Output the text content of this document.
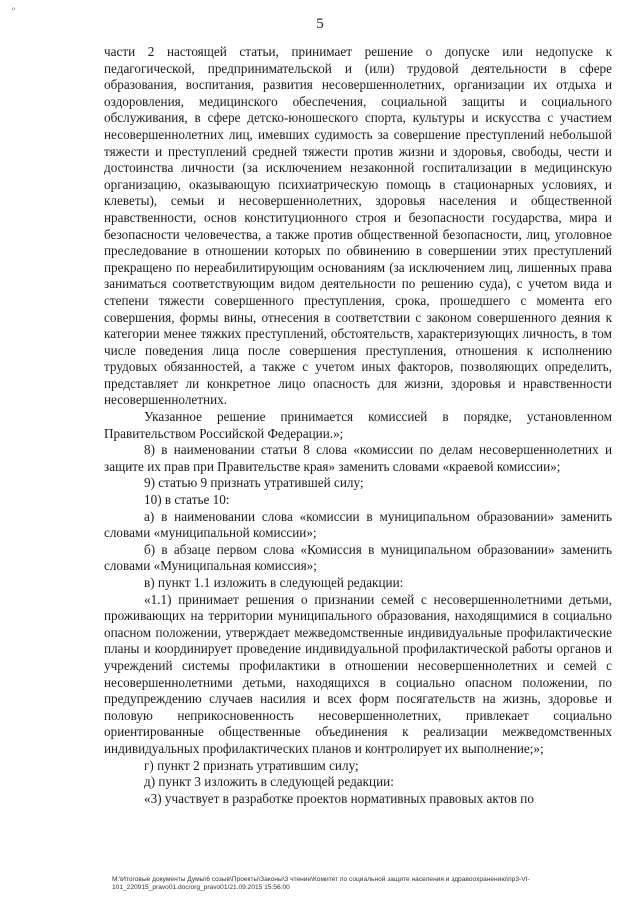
º
5

части 2 настоящей статьи, принимает решение о допуске или недопуске к педагогической, предпринимательской и (или) трудовой деятельности в сфере образования, воспитания, развития несовершеннолетних, организации их отдыха и оздоровления, медицинского обеспечения, социальной защиты и социального обслуживания, в сфере детско-юношеского спорта, культуры и искусства с участием несовершеннолетних лиц, имевших судимость за совершение преступлений небольшой тяжести и преступлений средней тяжести против жизни и здоровья, свободы, чести и достоинства личности (за исключением незаконной госпитализации в медицинскую организацию, оказывающую психиатрическую помощь в стационарных условиях, и клеветы), семьи и несовершеннолетних, здоровья населения и общественной нравственности, основ конституционного строя и безопасности государства, мира и безопасности человечества, а также против общественной безопасности, лиц, уголовное преследование в отношении которых по обвинению в совершении этих преступлений прекращено по нереабилитирующим основаниям (за исключением лиц, лишенных права заниматься соответствующим видом деятельности по решению суда), с учетом вида и степени тяжести совершенного преступления, срока, прошедшего с момента его совершения, формы вины, отнесения в соответствии с законом совершенного деяния к категории менее тяжких преступлений, обстоятельств, характеризующих личность, в том числе поведения лица после совершения преступления, отношения к исполнению трудовых обязанностей, а также с учетом иных факторов, позволяющих определить, представляет ли конкретное лицо опасность для жизни, здоровья и нравственности несовершеннолетних.

Указанное решение принимается комиссией в порядке, установленном Правительством Российской Федерации.»;

8) в наименовании статьи 8 слова «комиссии по делам несовершеннолетних и защите их прав при Правительстве края» заменить словами «краевой комиссии»;

9) статью 9 признать утратившей силу;

10) в статье 10:

а) в наименовании слова «комиссии в муниципальном образовании» заменить словами «муниципальной комиссии»;

б) в абзаце первом слова «Комиссия в муниципальном образовании» заменить словами «Муниципальная комиссия»;

в) пункт 1.1 изложить в следующей редакции:

«1.1) принимает решения о признании семей с несовершеннолетними детьми, проживающих на территории муниципального образования, находящимися в социально опасном положении, утверждает межведомственные индивидуальные профилактические планы и координирует проведение индивидуальной профилактической работы органов и учреждений системы профилактики в отношении несовершеннолетних и семей с несовершеннолетними детьми, находящихся в социально опасном положении, по предупреждению случаев насилия и всех форм посягательств на жизнь, здоровье и половую неприкосновенность несовершеннолетних, привлекает социально ориентированные общественные объединения к реализации межведомственных индивидуальных профилактических планов и контролирует их выполнение;»;

г) пункт 2 признать утратившим силу;

д) пункт 3 изложить в следующей редакции:

«3) участвует в разработке проектов нормативных правовых актов по

M:\Итоговые документы Думы\6 созыв\Проекты\Законы\3 чтение\Комитет по социальной защите населения и здравоохранению\пр3-VI-101_220915_pravo01.doc/org_pravo01/21.09.2015 15:56:00
